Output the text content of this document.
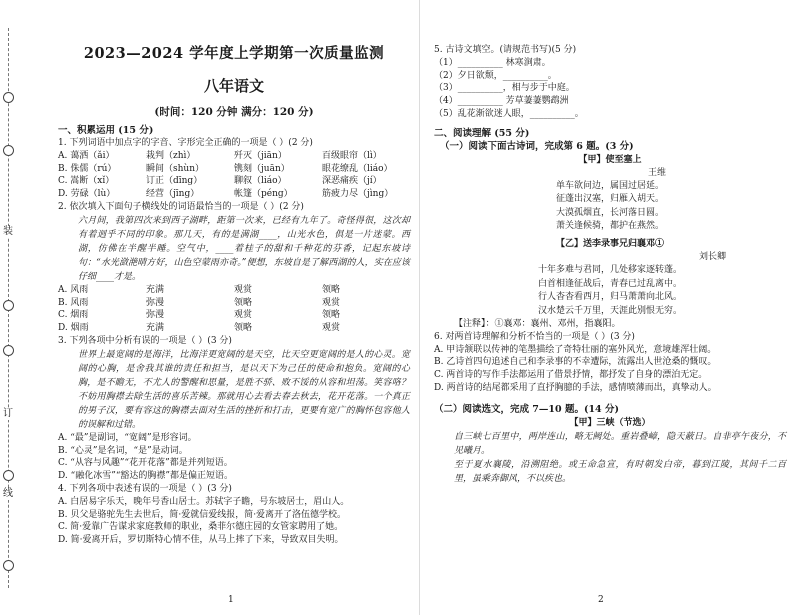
装
订
线
2023—2024 学年度上学期第一次质量监测
八年语文
(时间：120 分钟 满分：120 分)
一、积累运用 (15 分)
1. 下列词语中加点字的字音、字形完全正确的一项是（ ）(2 分)
A. 蔼洒（ǎi）	栽判（zhì）	歼灭（jiān）	百级眼帘（lì）
B. 侏儒（rú）	瞬间（shùn）	镌刻（juān）	眼花缭乱（liáo）
C. 嵩断（xǐ）	订正（dīng）	聊叙（liáo）	深恶痛疾（jí）
D. 劳碌（lù）	经营（jīng）	帐篷（péng）	筋疲力尽（jìng）
2. 依次填入下面句子横线处的词语最恰当的一项是（ ）(2 分)
六月间，我第四次来到西子湖畔，距第一次来，已经有九年了。奇怪得很，这次却有着迥乎不同的印象。那几天，有的是满湖____，山光水色，俱是一片迷蒙。西湖，仿佛在半醒半睡。空气中，____着桂子的甜和千种花的芬香，记起东坡诗句：“水光潋滟晴方好，山色空蒙雨亦奇。”便想，东坡自是了解西湖的人，实在应该仔细____才是。
A. 风雨	充满	观赏	领略
B. 风雨	弥漫	领略	观赏
C. 烟雨	弥漫	观赏	领略
D. 烟雨	充满	领略	观赏
3. 下列各项中分析有误的一项是（ ）(3 分)
世界上最宽阔的是海洋，比海洋更宽阔的是天空，比天空更宽阔的是人的心灵。宽阔的心胸，是舍我其谁的责任和担当，是以天下为己任的使命和抱负。宽阔的心胸，是不瞻无，不尤人的警醒和思量，是胜不骄、败不馁的从容和坦荡。笑容咯？不妨用胸襟去除生活的喜乐苦辣。那就用心去看去春去秋去，花开花落。一个真正的男子汉，要有容这的胸襟去面对生活的挫折和打击，更要有宽广的胸怀包容他人的误解和过错。
A. “最”是副词，“宽阔”是形容词。
B. “心灵”是名词，“是”是动词。
C. “从容与风趣”“花开花落”都是并列短语。
D. “融化冰雪”“豁达的胸襟”都是偏正短语。
4. 下列各项中表述有误的一项是（ ）(3 分)
A. 白居易字乐天，晚年号香山居士。苏轼字子瞻，号东坡居士，眉山人。
B. 贝父是骆驼先生去世后，简·爱就信爱线报，简·爱离开了洛伍德学校。
C. 简·爱靠广告谋求家庭教师的职业，桑菲尔德庄园的女管家聘用了她。
D. 简·爱离开后，罗切斯特心情不佳，从马上摔了下来，导致双目失明。
1
5. 古诗文填空。(请规范书写)(5 分)
（1）__________ 林寒涧肃。
（2）夕日欲颓，__________。
（3）__________，相与步于中庭。
（4）__________ 芳草萋萋鹦鹉洲
（5）乱花渐欲迷人眼，__________。
二、阅读理解 (55 分)
（一）阅读下面古诗词，完成第 6 题。(3 分)
【甲】使至塞上
王维
单车欲问边，属国过居延。
征蓬出汉塞，归雁入胡天。
大漠孤烟直，长河落日圆。
萧关逢候骑，都护在燕然。
【乙】送李录事兄归襄邓①
刘长卿
十年多难与君同，几处移家逐转蓬。
白首相逢征战后，青春已过乱离中。
行人杳杳看西月，归马萧萧向北风。
汉水楚云千万里，天涯此别恨无穷。
【注释】：①襄邓：襄州、邓州，指襄阳。
6. 对两首诗理解和分析不恰当的一项是（ ）(3 分)
A. 甲诗颔联以传神的笔墨描绘了奇特壮丽的塞外风光，意境雄浑壮阔。
B. 乙诗首四句追述自己和李录事的不幸遭际，流露出人世沧桑的慨叹。
C. 两首诗的写作手法都运用了借景抒情，都抒发了自身的漂泊无定。
D. 两首诗的结尾都采用了直抒胸臆的手法，感情喷薄而出，真挚动人。
（二）阅读选文，完成 7—10 题。(14 分)
【甲】三峡（节选）
自三峡七百里中，两岸连山，略无阙处。重岩叠嶂，隐天蔽日。自非亭午夜分，不见曦月。
至于夏水襄陵，沿溯阻绝。或王命急宣，有时朝发白帝，暮到江陵，其间千二百里，虽乘奔御风，不以疾也。
2
